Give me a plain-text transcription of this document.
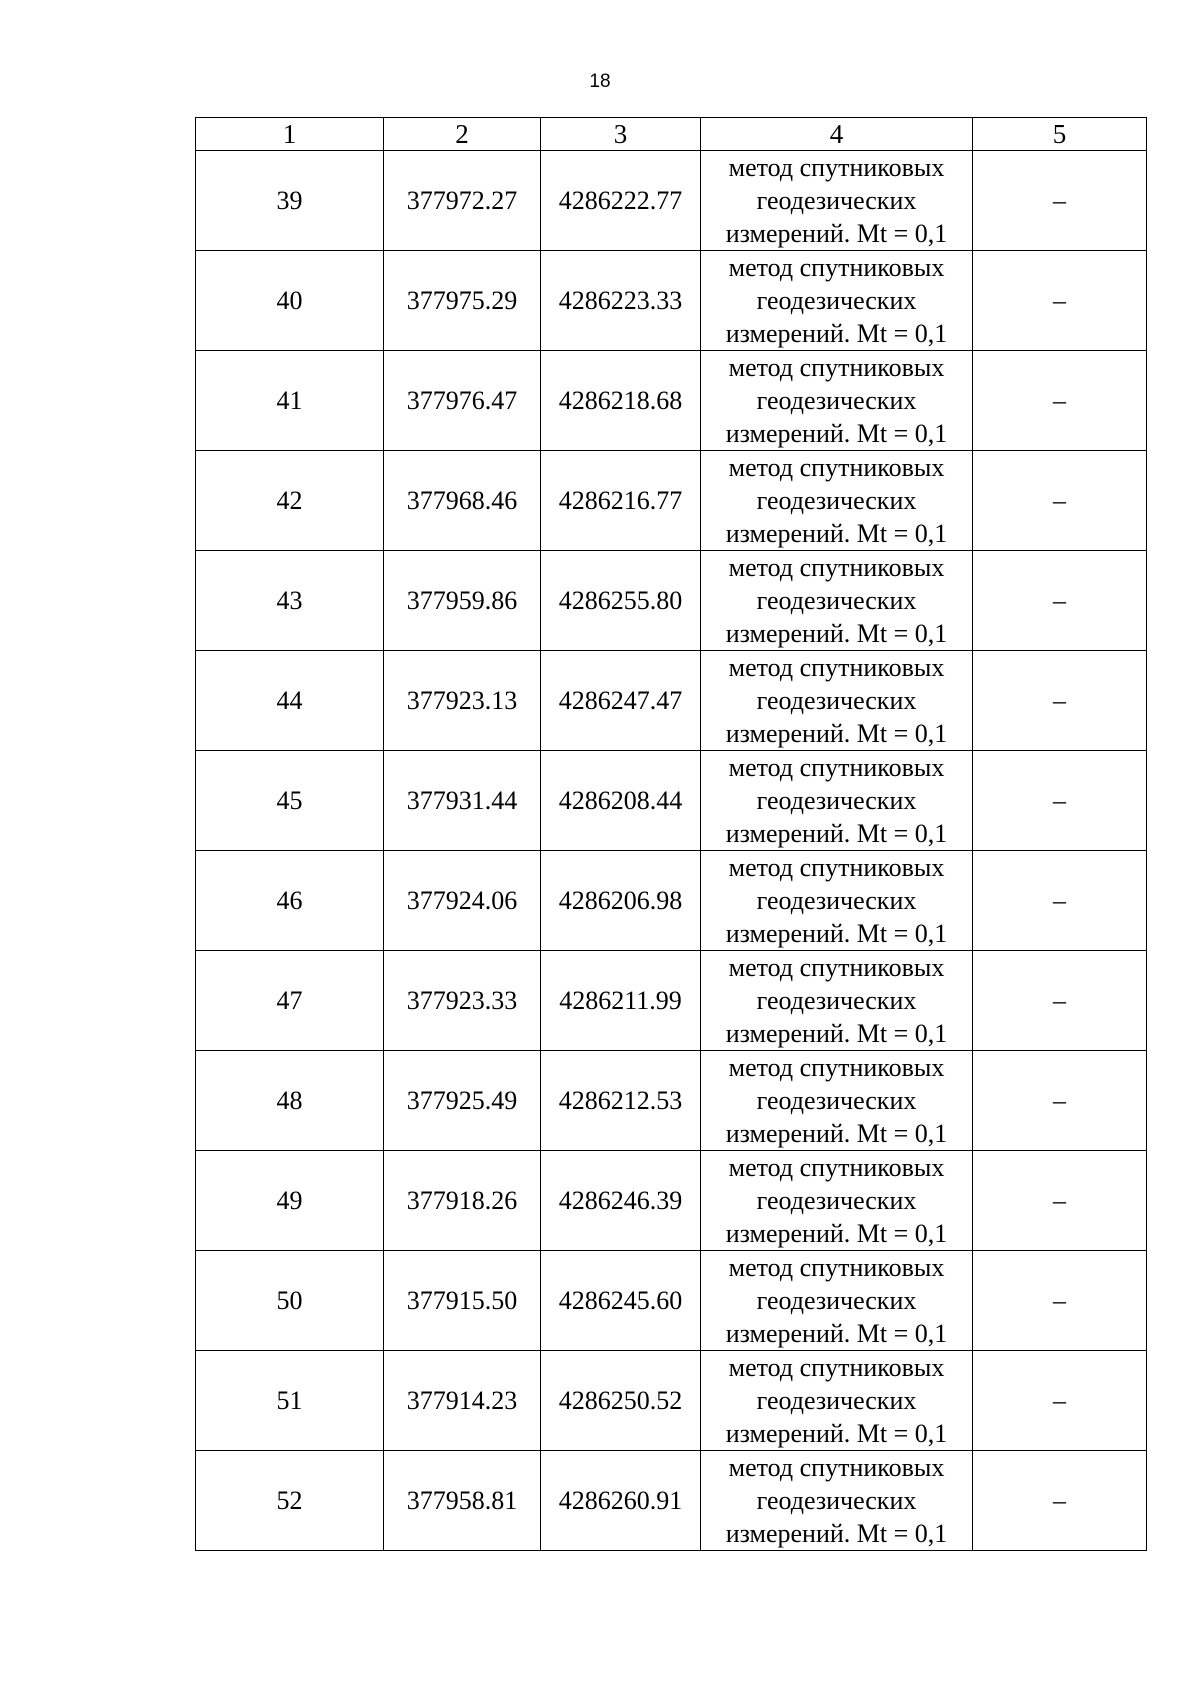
18
1	2	3	4	5
39	377972.27	4286222.77	метод спутниковых
геодезических
измерений. Mt = 0,1	–
40	377975.29	4286223.33	метод спутниковых
геодезических
измерений. Mt = 0,1	–
41	377976.47	4286218.68	метод спутниковых
геодезических
измерений. Mt = 0,1	–
42	377968.46	4286216.77	метод спутниковых
геодезических
измерений. Mt = 0,1	–
43	377959.86	4286255.80	метод спутниковых
геодезических
измерений. Mt = 0,1	–
44	377923.13	4286247.47	метод спутниковых
геодезических
измерений. Mt = 0,1	–
45	377931.44	4286208.44	метод спутниковых
геодезических
измерений. Mt = 0,1	–
46	377924.06	4286206.98	метод спутниковых
геодезических
измерений. Mt = 0,1	–
47	377923.33	4286211.99	метод спутниковых
геодезических
измерений. Mt = 0,1	–
48	377925.49	4286212.53	метод спутниковых
геодезических
измерений. Mt = 0,1	–
49	377918.26	4286246.39	метод спутниковых
геодезических
измерений. Mt = 0,1	–
50	377915.50	4286245.60	метод спутниковых
геодезических
измерений. Mt = 0,1	–
51	377914.23	4286250.52	метод спутниковых
геодезических
измерений. Mt = 0,1	–
52	377958.81	4286260.91	метод спутниковых
геодезических
измерений. Mt = 0,1	–
